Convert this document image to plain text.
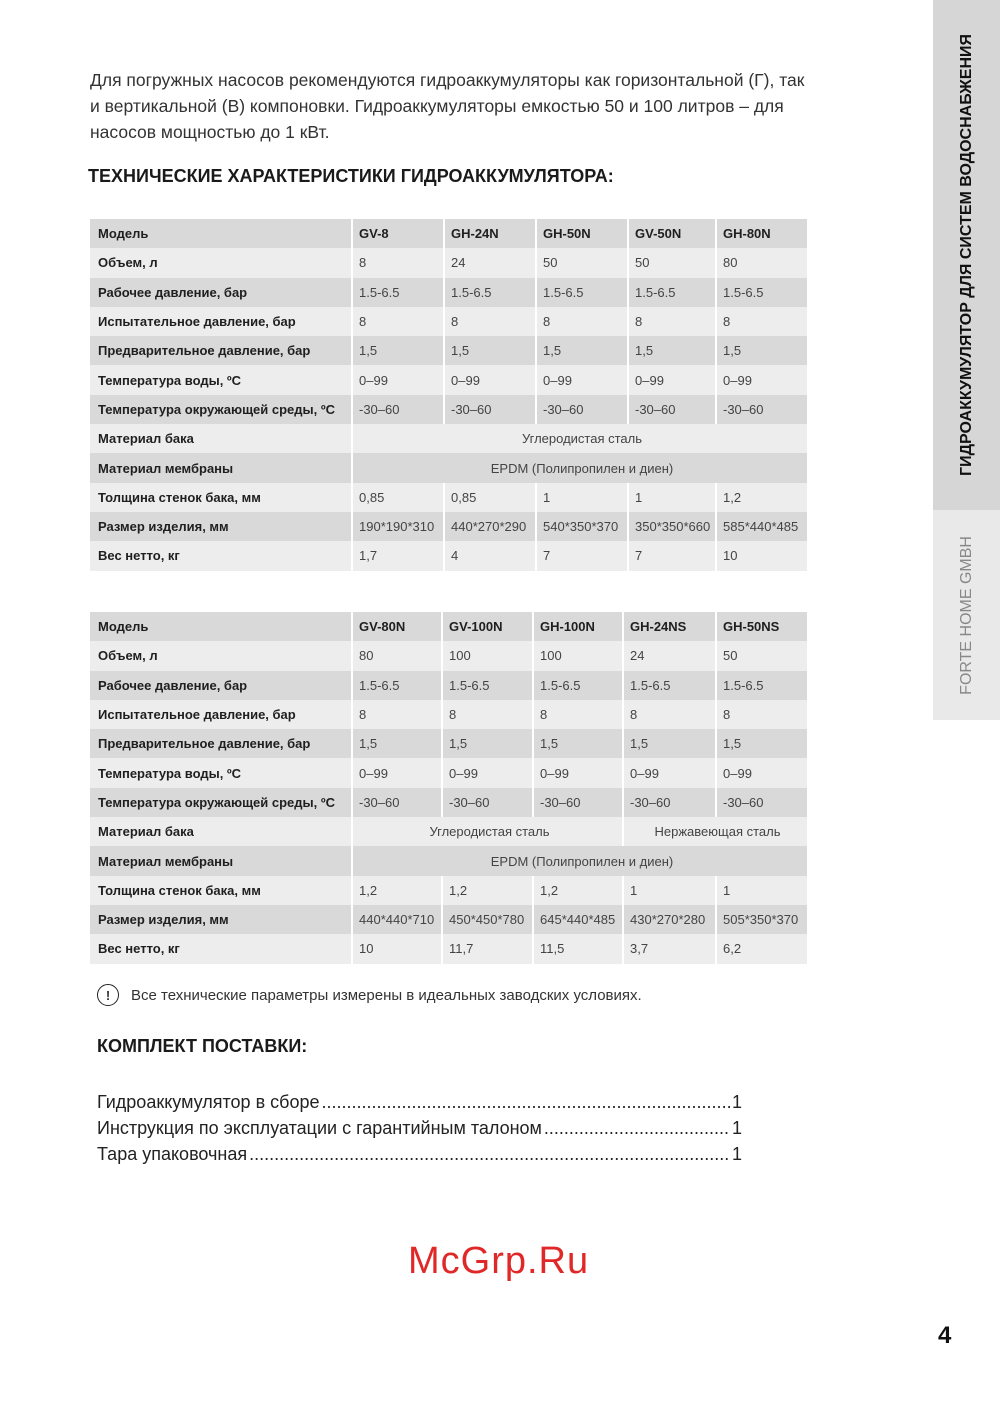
Для погружных насосов рекомендуются гидроаккумуляторы как горизонтальной (Г), так и вертикальной (В) компоновки. Гидроаккумуляторы емкостью 50 и 100 литров – для насосов мощностью до 1 кВт.
ТЕХНИЧЕСКИЕ ХАРАКТЕРИСТИКИ ГИДРОАККУМУЛЯТОРА:
Модель	GV-8	GH-24N	GH-50N	GV-50N	GH-80N
Объем, л	8	24	50	50	80
Рабочее давление, бар	1.5-6.5	1.5-6.5	1.5-6.5	1.5-6.5	1.5-6.5
Испытательное давление, бар	8	8	8	8	8
Предварительное давление, бар	1,5	1,5	1,5	1,5	1,5
Температура воды, ºС	0–99	0–99	0–99	0–99	0–99
Температура окружающей среды, ºС	-30–60	-30–60	-30–60	-30–60	-30–60
Материал бака	Углеродистая сталь				
Материал мембраны	EPDM (Полипропилен и диен)				
Толщина стенок бака, мм	0,85	0,85	1	1	1,2
Размер изделия, мм	190*190*310	440*270*290	540*350*370	350*350*660	585*440*485
Вес нетто, кг	1,7	4	7	7	10
Модель	GV-80N	GV-100N	GH-100N	GH-24NS	GH-50NS
Объем, л	80	100	100	24	50
Рабочее давление, бар	1.5-6.5	1.5-6.5	1.5-6.5	1.5-6.5	1.5-6.5
Испытательное давление, бар	8	8	8	8	8
Предварительное давление, бар	1,5	1,5	1,5	1,5	1,5
Температура воды, ºС	0–99	0–99	0–99	0–99	0–99
Температура окружающей среды, ºС	-30–60	-30–60	-30–60	-30–60	-30–60
Материал бака	Углеродистая сталь			Нержавеющая сталь	
Материал мембраны	EPDM (Полипропилен и диен)				
Толщина стенок бака, мм	1,2	1,2	1,2	1	1
Размер изделия, мм	440*440*710	450*450*780	645*440*485	430*270*280	505*350*370
Вес нетто, кг	10	11,7	11,5	3,7	6,2
!	Все технические параметры измерены в идеальных заводских условиях.
КОМПЛЕКТ ПОСТАВКИ:
Гидроаккумулятор в сборе .....	1
Инструкция по эксплуатации с гарантийным талоном .....	1
Тара упаковочная .....	1
McGrp.Ru
ГИДРОАККУМУЛЯТОР ДЛЯ СИСТЕМ ВОДОСНАБЖЕНИЯ
FORTE HOME GMBH
4
